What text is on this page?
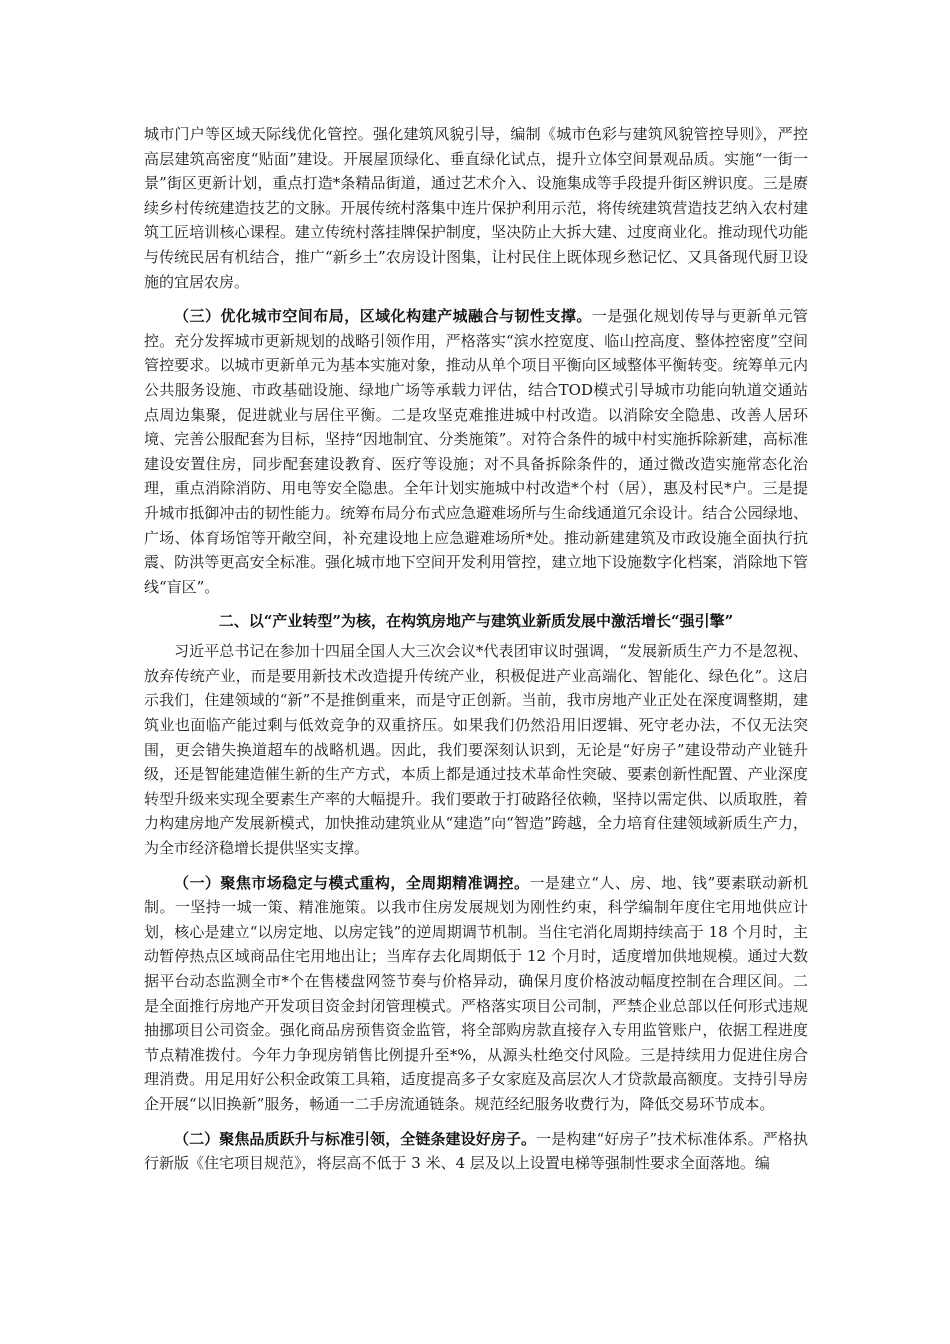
城市门户等区域天际线优化管控。强化建筑风貌引导，编制《城市色彩与建筑风貌管控导则》，严控高层建筑高密度“贴面”建设。开展屋顶绿化、垂直绿化试点，提升立体空间景观品质。实施“一街一景”街区更新计划，重点打造*条精品街道，通过艺术介入、设施集成等手段提升街区辨识度。三是赓续乡村传统建造技艺的文脉。开展传统村落集中连片保护利用示范，将传统建筑营造技艺纳入农村建筑工匠培训核心课程。建立传统村落挂牌保护制度，坚决防止大拆大建、过度商业化。推动现代功能与传统民居有机结合，推广“新乡土”农房设计图集，让村民住上既体现乡愁记忆、又具备现代厨卫设施的宜居农房。

（三）优化城市空间布局，区域化构建产城融合与韧性支撑。一是强化规划传导与更新单元管控。充分发挥城市更新规划的战略引领作用，严格落实“滨水控宽度、临山控高度、整体控密度”空间管控要求。以城市更新单元为基本实施对象，推动从单个项目平衡向区域整体平衡转变。统筹单元内公共服务设施、市政基础设施、绿地广场等承载力评估，结合TOD模式引导城市功能向轨道交通站点周边集聚，促进就业与居住平衡。二是攻坚克难推进城中村改造。以消除安全隐患、改善人居环境、完善公服配套为目标，坚持“因地制宜、分类施策”。对符合条件的城中村实施拆除新建，高标准建设安置住房，同步配套建设教育、医疗等设施；对不具备拆除条件的，通过微改造实施常态化治理，重点消除消防、用电等安全隐患。全年计划实施城中村改造*个村（居），惠及村民*户。三是提升城市抵御冲击的韧性能力。统筹布局分布式应急避难场所与生命线通道冗余设计。结合公园绿地、广场、体育场馆等开敞空间，补充建设地上应急避难场所*处。推动新建建筑及市政设施全面执行抗震、防洪等更高安全标准。强化城市地下空间开发利用管控，建立地下设施数字化档案，消除地下管线“盲区”。

二、以“产业转型”为核，在构筑房地产与建筑业新质发展中激活增长“强引擎”

习近平总书记在参加十四届全国人大三次会议*代表团审议时强调，“发展新质生产力不是忽视、放弃传统产业，而是要用新技术改造提升传统产业，积极促进产业高端化、智能化、绿色化”。这启示我们，住建领域的“新”不是推倒重来，而是守正创新。当前，我市房地产业正处在深度调整期，建筑业也面临产能过剩与低效竞争的双重挤压。如果我们仍然沿用旧逻辑、死守老办法，不仅无法突围，更会错失换道超车的战略机遇。因此，我们要深刻认识到，无论是“好房子”建设带动产业链升级，还是智能建造催生新的生产方式，本质上都是通过技术革命性突破、要素创新性配置、产业深度转型升级来实现全要素生产率的大幅提升。我们要敢于打破路径依赖，坚持以需定供、以质取胜，着力构建房地产发展新模式，加快推动建筑业从“建造”向“智造”跨越，全力培育住建领域新质生产力，为全市经济稳增长提供坚实支撑。

（一）聚焦市场稳定与模式重构，全周期精准调控。一是建立“人、房、地、钱”要素联动新机制。一坚持一城一策、精准施策。以我市住房发展规划为刚性约束，科学编制年度住宅用地供应计划，核心是建立“以房定地、以房定钱”的逆周期调节机制。当住宅消化周期持续高于 18 个月时，主动暂停热点区域商品住宅用地出让；当库存去化周期低于 12 个月时，适度增加供地规模。通过大数据平台动态监测全市*个在售楼盘网签节奏与价格异动，确保月度价格波动幅度控制在合理区间。二是全面推行房地产开发项目资金封闭管理模式。严格落实项目公司制，严禁企业总部以任何形式违规抽挪项目公司资金。强化商品房预售资金监管，将全部购房款直接存入专用监管账户，依据工程进度节点精准拨付。今年力争现房销售比例提升至*%，从源头杜绝交付风险。三是持续用力促进住房合理消费。用足用好公积金政策工具箱，适度提高多子女家庭及高层次人才贷款最高额度。支持引导房企开展“以旧换新”服务，畅通一二手房流通链条。规范经纪服务收费行为，降低交易环节成本。

（二）聚焦品质跃升与标准引领，全链条建设好房子。一是构建“好房子”技术标准体系。严格执行新版《住宅项目规范》，将层高不低于 3 米、4 层及以上设置电梯等强制性要求全面落地。编
